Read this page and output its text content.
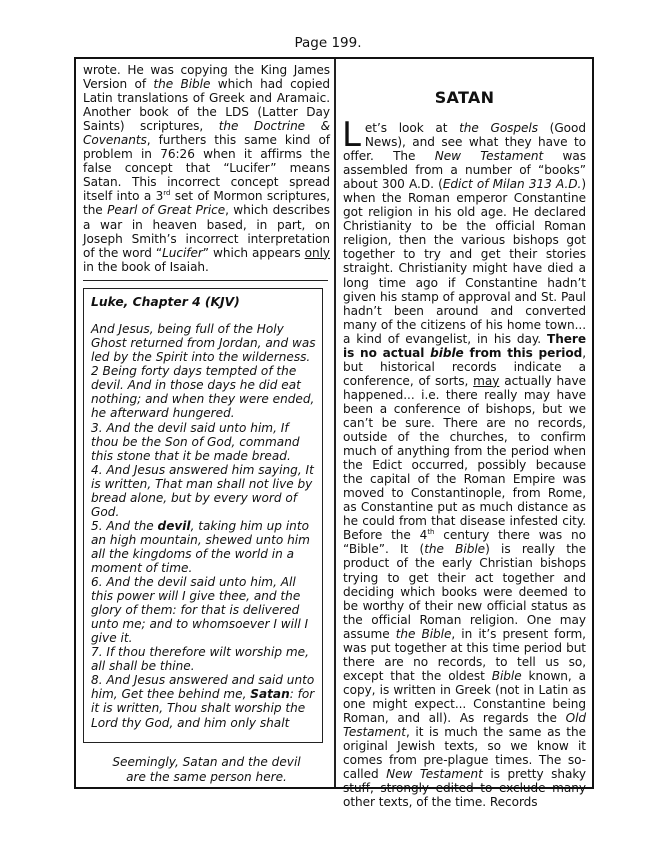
Page 199.

wrote. He was copying the King James Version of the Bible which had copied Latin translations of Greek and Aramaic. Another book of the LDS (Latter Day Saints) scriptures, the Doctrine & Covenants, furthers this same kind of problem in 76:26 when it affirms the false concept that “Lucifer” means Satan. This incorrect concept spread itself into a 3rd set of Mormon scriptures, the Pearl of Great Price, which describes a war in heaven based, in part, on Joseph Smith’s incorrect interpretation of the word “Lucifer” which appears only in the book of Isaiah.

Luke, Chapter 4 (KJV)

And Jesus, being full of the Holy Ghost returned from Jordan, and was led by the Spirit into the wilderness.
2 Being forty days tempted of the devil. And in those days he did eat nothing; and when they were ended, he afterward hungered.
3. And the devil said unto him, If thou be the Son of God, command this stone that it be made bread.
4. And Jesus answered him saying, It is written, That man shall not live by bread alone, but by every word of God.
5. And the devil, taking him up into an high mountain, shewed unto him all the kingdoms of the world in a moment of time.
6. And the devil said unto him, All this power will I give thee, and the glory of them: for that is delivered unto me; and to whomsoever I will I give it.
7. If thou therefore wilt worship me, all shall be thine.
8. And Jesus answered and said unto him, Get thee behind me, Satan: for it is written, Thou shalt worship the Lord thy God, and him only shalt

Seemingly, Satan and the devil
are the same person here.
SATAN

Let’s look at the Gospels (Good News), and see what they have to offer. The New Testament was assembled from a number of “books” about 300 A.D. (Edict of Milan 313 A.D.) when the Roman emperor Constantine got religion in his old age. He declared Christianity to be the official Roman religion, then the various bishops got together to try and get their stories straight. Christianity might have died a long time ago if Constantine hadn’t given his stamp of approval and St. Paul hadn’t been around and converted many of the citizens of his home town... a kind of evangelist, in his day. There is no actual bible from this period, but historical records indicate a conference, of sorts, may actually have happened... i.e. there really may have been a conference of bishops, but we can’t be sure. There are no records, outside of the churches, to confirm much of anything from the period when the Edict occurred, possibly because the capital of the Roman Empire was moved to Constantinople, from Rome, as Constantine put as much distance as he could from that disease infested city. Before the 4th century there was no “Bible”. It (the Bible) is really the product of the early Christian bishops trying to get their act together and deciding which books were deemed to be worthy of their new official status as the official Roman religion. One may assume the Bible, in it’s present form, was put together at this time period but there are no records, to tell us so, except that the oldest Bible known, a copy, is written in Greek (not in Latin as one might expect... Constantine being Roman, and all). As regards the Old Testament, it is much the same as the original Jewish texts, so we know it comes from pre-plague times. The so-called New Testament is pretty shaky stuff, strongly edited to exclude many other texts, of the time. Records
